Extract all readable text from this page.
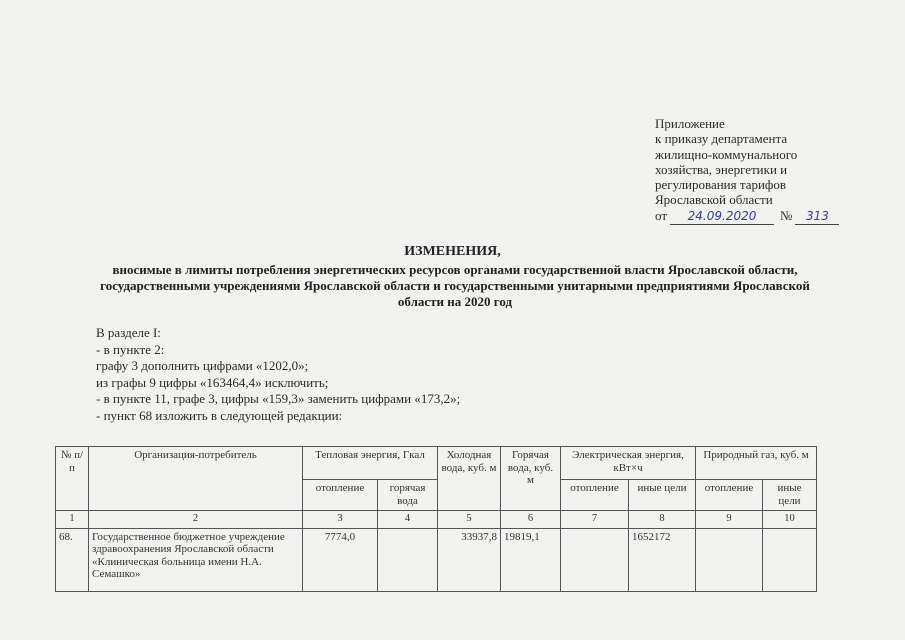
Приложение
к приказу департамента
жилищно-коммунального
хозяйства, энергетики и
регулирования тарифов
Ярославской области
от 24.09.2020 № 313
ИЗМЕНЕНИЯ,
вносимые в лимиты потребления энергетических ресурсов органами государственной власти Ярославской области, государственными учреждениями Ярославской области и государственными унитарными предприятиями Ярославской области на 2020 год
В разделе I:
- в пункте 2:
графу 3 дополнить цифрами «1202,0»;
из графы 9 цифры «163464,4» исключить;
- в пункте 11, графе 3, цифры «159,3» заменить цифрами «173,2»;
- пункт 68 изложить в следующей редакции:
№ п/п	Организация-потребитель	Тепловая энергия, Гкал		Холодная вода, куб. м	Горячая вода, куб. м	Электрическая энергия, кВт×ч		Природный газ, куб. м	
		отопление	горячая вода			отопление	иные цели	отопление	иные цели
1	2	3	4	5	6	7	8	9	10
68.	Государственное бюджетное учреждение здравоохранения Ярославской области «Клиническая больница имени Н.А. Семашко»	7774,0		33937,8	19819,1		1652172		
